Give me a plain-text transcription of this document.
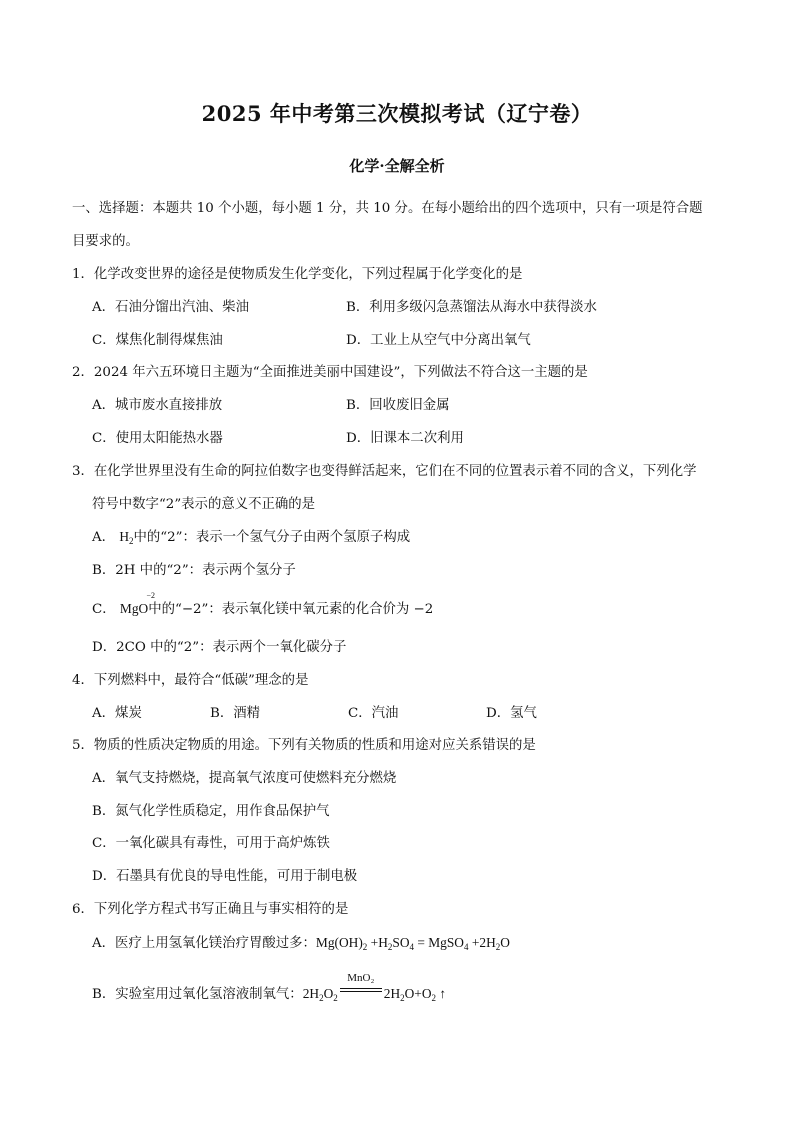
2025 年中考第三次模拟考试（辽宁卷）
化学·全解全析
一、选择题：本题共 10 个小题，每小题 1 分，共 10 分。在每小题给出的四个选项中，只有一项是符合题
目要求的。
1．化学改变世界的途径是使物质发生化学变化，下列过程属于化学变化的是
A．石油分馏出汽油、柴油	B．利用多级闪急蒸馏法从海水中获得淡水
C．煤焦化制得煤焦油	D．工业上从空气中分离出氧气
2．2024 年六五环境日主题为“全面推进美丽中国建设”，下列做法不符合这一主题的是
A．城市废水直接排放	B．回收废旧金属
C．使用太阳能热水器	D．旧课本二次利用
3．在化学世界里没有生命的阿拉伯数字也变得鲜活起来，它们在不同的位置表示着不同的含义，下列化学
符号中数字“2”表示的意义不正确的是
A． $H_2$中的“2”：表示一个氢气分子由两个氢原子构成
B．2H 中的“2”：表示两个氢分子
C． Mg
−2
O中的“−2”：表示氧化镁中氧元素的化合价为 −2
D．2CO 中的“2”：表示两个一氧化碳分子
4．下列燃料中，最符合“低碳”理念的是
A．煤炭	B．酒精	C．汽油	D．氢气
5．物质的性质决定物质的用途。下列有关物质的性质和用途对应关系错误的是
A．氧气支持燃烧，提高氧气浓度可使燃料充分燃烧
B．氮气化学性质稳定，用作食品保护气
C．一氧化碳具有毒性，可用于高炉炼铁
D．石墨具有优良的导电性能，可用于制电极
6．下列化学方程式书写正确且与事实相符的是
A．医疗上用氢氧化镁治疗胃酸过多：$Mg(OH)_2 +H_2SO_4$ = MgSO$_4$ $+2H_2O$
B．实验室用过氧化氢溶液制氧气：$2H_2O_2$
MnO₂
$2H_2O+O_2$ ↑
